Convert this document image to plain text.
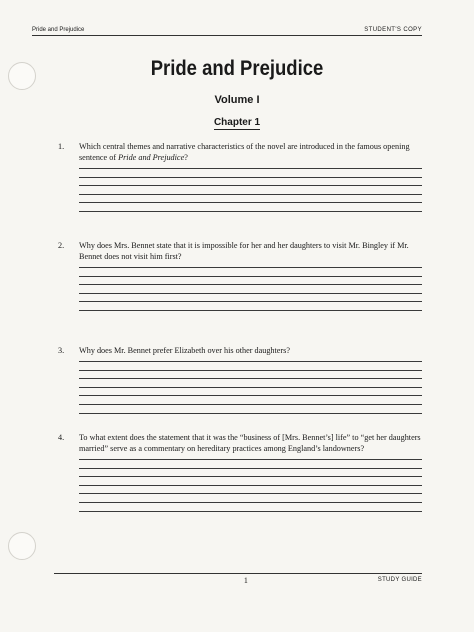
Pride and Prejudice	STUDENT'S COPY
Pride and Prejudice
Volume I
Chapter 1
1.	Which central themes and narrative characteristics of the novel are introduced in the famous opening sentence of Pride and Prejudice?
2.	Why does Mrs. Bennet state that it is impossible for her and her daughters to visit Mr. Bingley if Mr. Bennet does not visit him first?
3.	Why does Mr. Bennet prefer Elizabeth over his other daughters?
4.	To what extent does the statement that it was the “business of [Mrs. Bennet’s] life” to “get her daughters married” serve as a commentary on hereditary practices among England’s landowners?
1	STUDY GUIDE
